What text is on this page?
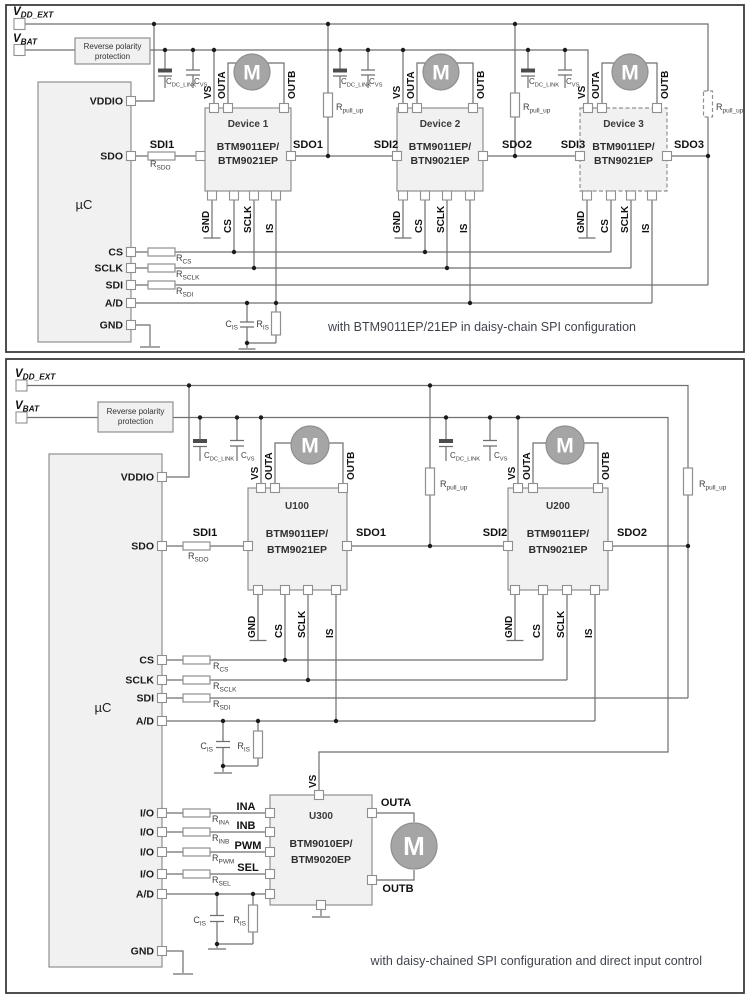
M	M	M
$V_{DD\_EXT}$
$V_{BAT}$	Reverse polarity
protection
µC
VDDIO
SDO
CS
SCLK
SDI
A/D
GND
SDI1	SDO1	SDI2	SDO2	SDI3	SDO3
$R_{SDO}$
$R_{CS}$
$R_{SCLK}$
$R_{SDI}$
$R_{pull\_up}$	$R_{pull\_up}$	$R_{pull\_up}$
$C_{DC\_LINK}$
$C_{VS}$	$C_{DC\_LINK}$
$C_{VS}$	$C_{DC\_LINK}$ $C_{VS}$
$C_{IS}$ $R_{IS}$
VS OUTA	OUTB	VS OUTA	OUTB	VS OUTA	OUTB
GND CS SCLK IS	GND CS SCLK IS	GND CS SCLK IS
Device 1
BTM9011EP/
BTM9021EP
Device 2
BTM9011EP/
BTN9021EP
Device 3
BTM9011EP/
BTN9021EP
with BTM9011EP/21EP in daisy-chain SPI configuration
M	M
M
$V_{DD\_EXT}$
$V_{BAT}$	Reverse polarity
protection
µC
VDDIO
SDO
CS
SCLK
SDI
A/D
I/O
I/O
I/O
I/O
A/D
GND
SDI1	SDO1	SDI2	SDO2
$R_{SDO}$
$R_{CS}$
$R_{SCLK}$
$R_{SDI}$
$R_{pull\_up}$	$R_{pull\_up}$
$C_{DC\_LINK}$ $C_{VS}$	$C_{DC\_LINK}$ $C_{VS}$
$C_{IS}$	$R_{IS}$
$C_{IS}$	$R_{IS}$
$R_{INA}$
$R_{INB}$
$R_{PWM}$
$R_{SEL}$
VS OUTA	OUTB	VS OUTA	OUTB
VS
GND CS SCLK IS	GND CS SCLK IS
INA
INB
PWM
SEL
OUTA
OUTB
U100
BTM9011EP/
BTM9021EP
U200
BTM9011EP/
BTN9021EP
U300
BTM9010EP/
BTM9020EP
with daisy-chained SPI configuration and direct input control
